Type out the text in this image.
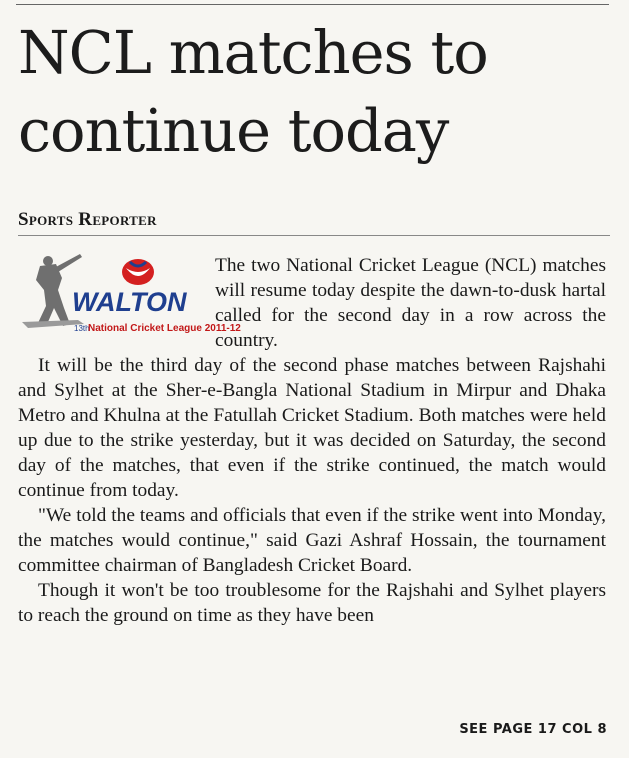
NCL matches to continue today
Sports Reporter
WALTON
13th
National Cricket League 2011-12

The two National Cricket League (NCL) matches will resume today despite the dawn-to-dusk hartal called for the second day in a row across the country.

It will be the third day of the second phase matches between Rajshahi and Sylhet at the Sher-e-Bangla National Stadium in Mirpur and Dhaka Metro and Khulna at the Fatullah Cricket Stadium. Both matches were held up due to the strike yesterday, but it was decided on Saturday, the second day of the matches, that even if the strike continued, the match would continue from today.

"We told the teams and officials that even if the strike went into Monday, the matches would continue," said Gazi Ashraf Hossain, the tournament committee chairman of Bangladesh Cricket Board.

Though it won't be too troublesome for the Rajshahi and Sylhet players to reach the ground on time as they have been

SEE PAGE 17 COL 8
